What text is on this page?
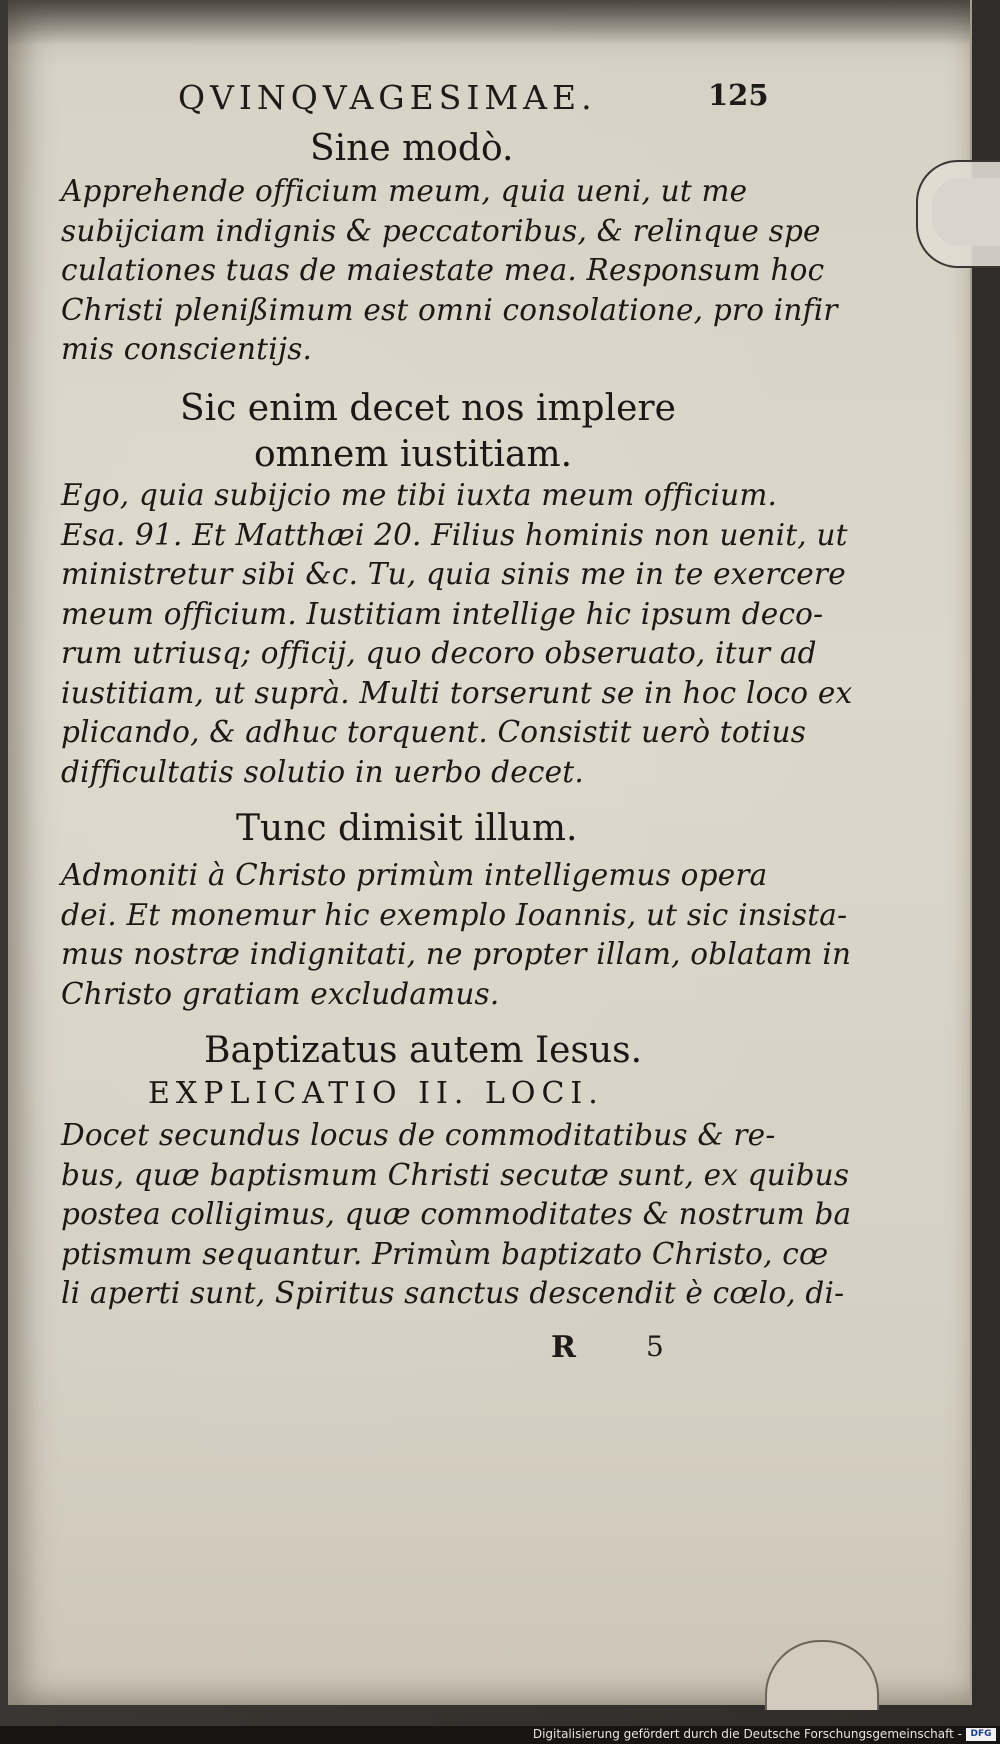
QVINQVAGESIMAE.	125
Sine modò.
Apprehende officium meum, quia ueni, ut me
subijciam indignis & peccatoribus, & relinque spe
culationes tuas de maiestate mea. Responsum hoc
Christi plenißimum est omni consolatione, pro infir
mis conscientijs.
Sic enim decet nos implere
omnem iustitiam.
Ego, quia subijcio me tibi iuxta meum officium.
Esa. 91. Et Matthæi 20. Filius hominis non uenit, ut
ministretur sibi &c. Tu, quia sinis me in te exercere
meum officium. Iustitiam intellige hic ipsum deco-
rum utriusq; officij, quo decoro obseruato, itur ad
iustitiam, ut suprà. Multi torserunt se in hoc loco ex
plicando, & adhuc torquent. Consistit uerò totius
difficultatis solutio in uerbo decet.
Tunc dimisit illum.
Admoniti à Christo primùm intelligemus opera
dei. Et monemur hic exemplo Ioannis, ut sic insista-
mus nostræ indignitati, ne propter illam, oblatam in
Christo gratiam excludamus.
Baptizatus autem Iesus.
EXPLICATIO II. LOCI.
Docet secundus locus de commoditatibus & re-
bus, quæ baptismum Christi secutæ sunt, ex quibus
postea colligimus, quæ commoditates & nostrum ba
ptismum sequantur. Primùm baptizato Christo, cœ
li aperti sunt, Spiritus sanctus descendit è cœlo, di-
R	5
Digitalisierung gefördert durch die Deutsche Forschungsgemeinschaft - DFG
